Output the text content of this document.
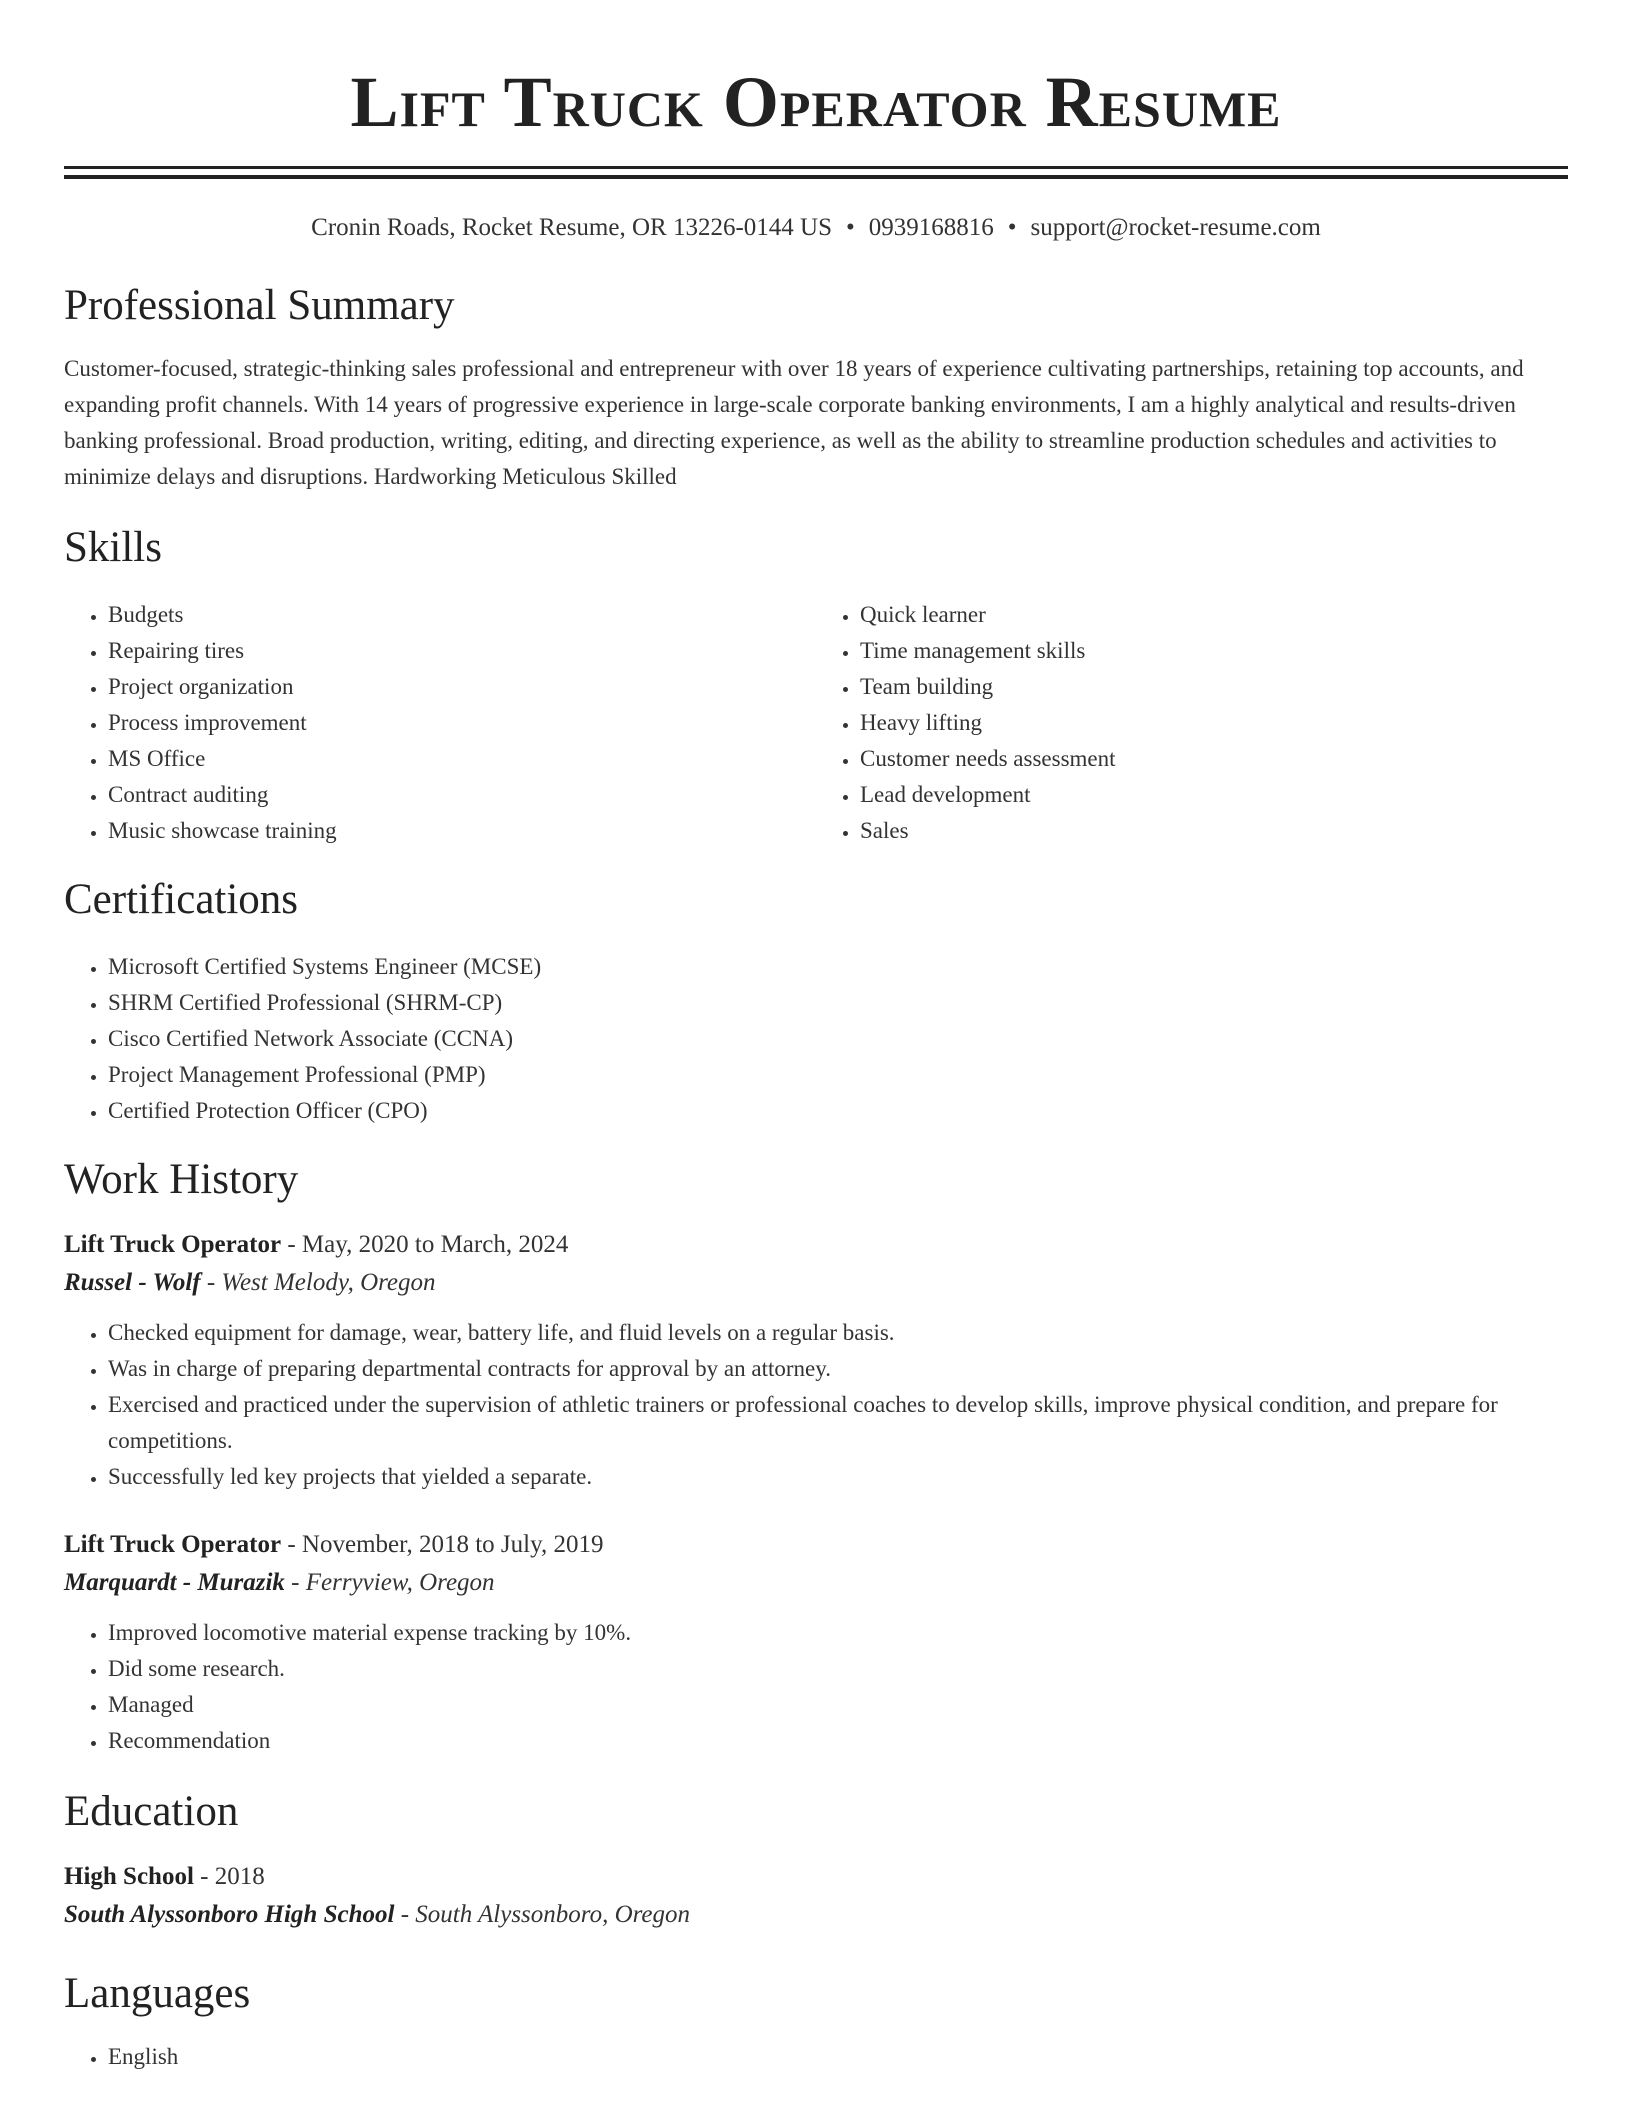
Lift Truck Operator Resume
Cronin Roads, Rocket Resume, OR 13226-0144 US • 0939168816 • support@rocket-resume.com
Professional Summary
Customer-focused, strategic-thinking sales professional and entrepreneur with over 18 years of experience cultivating partnerships, retaining top accounts, and expanding profit channels. With 14 years of progressive experience in large-scale corporate banking environments, I am a highly analytical and results-driven banking professional. Broad production, writing, editing, and directing experience, as well as the ability to streamline production schedules and activities to minimize delays and disruptions. Hardworking Meticulous Skilled
Skills
• Budgets
• Repairing tires
• Project organization
• Process improvement
• MS Office
• Contract auditing
• Music showcase training
• Quick learner
• Time management skills
• Team building
• Heavy lifting
• Customer needs assessment
• Lead development
• Sales
Certifications
• Microsoft Certified Systems Engineer (MCSE)
• SHRM Certified Professional (SHRM-CP)
• Cisco Certified Network Associate (CCNA)
• Project Management Professional (PMP)
• Certified Protection Officer (CPO)
Work History
Lift Truck Operator - May, 2020 to March, 2024
Russel - Wolf - West Melody, Oregon
• Checked equipment for damage, wear, battery life, and fluid levels on a regular basis.
• Was in charge of preparing departmental contracts for approval by an attorney.
• Exercised and practiced under the supervision of athletic trainers or professional coaches to develop skills, improve physical condition, and prepare for competitions.
• Successfully led key projects that yielded a separate.
Lift Truck Operator - November, 2018 to July, 2019
Marquardt - Murazik - Ferryview, Oregon
• Improved locomotive material expense tracking by 10%.
• Did some research.
• Managed
• Recommendation
Education
High School - 2018
South Alyssonboro High School - South Alyssonboro, Oregon
Languages
• English
